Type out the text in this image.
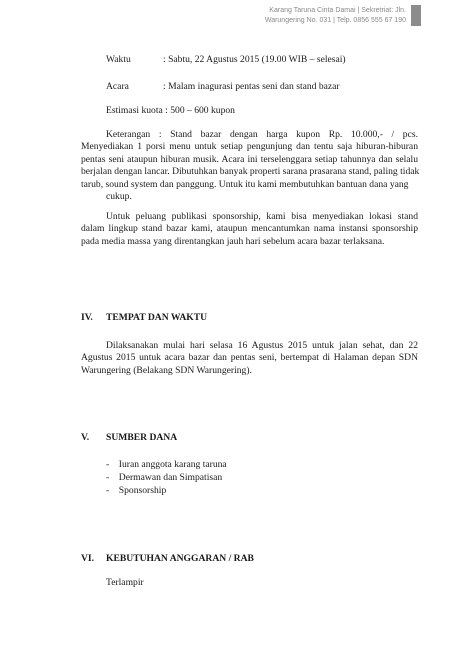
Karang Taruna Cinta Damai | Sekretriat: Jln.
Warungering No. 031 | Telp. 0856 555 67 190
Waktu	: Sabtu, 22 Agustus 2015 (19.00 WIB – selesai)
Acara	: Malam inagurasi pentas seni dan stand bazar
Estimasi kuota : 500 – 600 kupon
Keterangan : Stand bazar dengan harga kupon Rp. 10.000,- / pcs.
Menyediakan 1 porsi menu untuk setiap pengunjung dan tentu saja hiburan-hiburan
pentas seni ataupun hiburan musik. Acara ini terselenggara setiap tahunnya dan selalu
berjalan dengan lancar. Dibutuhkan banyak properti sarana prasarana stand, paling tidak
tarub, sound system dan panggung. Untuk itu kami membutuhkan bantuan dana yang
cukup.
Untuk peluang publikasi sponsorship, kami bisa menyediakan lokasi stand
dalam lingkup stand bazar kami, ataupun mencantumkan nama instansi sponsorship
pada media massa yang direntangkan jauh hari sebelum acara bazar terlaksana.
IV. TEMPAT DAN WAKTU
Dilaksanakan mulai hari selasa 16 Agustus 2015 untuk jalan sehat, dan 22
Agustus 2015 untuk acara bazar dan pentas seni, bertempat di Halaman depan SDN
Warungering (Belakang SDN Warungering).
V. SUMBER DANA
-    Iuran anggota karang taruna
-    Dermawan dan Simpatisan
-    Sponsorship
VI. KEBUTUHAN ANGGARAN / RAB
Terlampir
